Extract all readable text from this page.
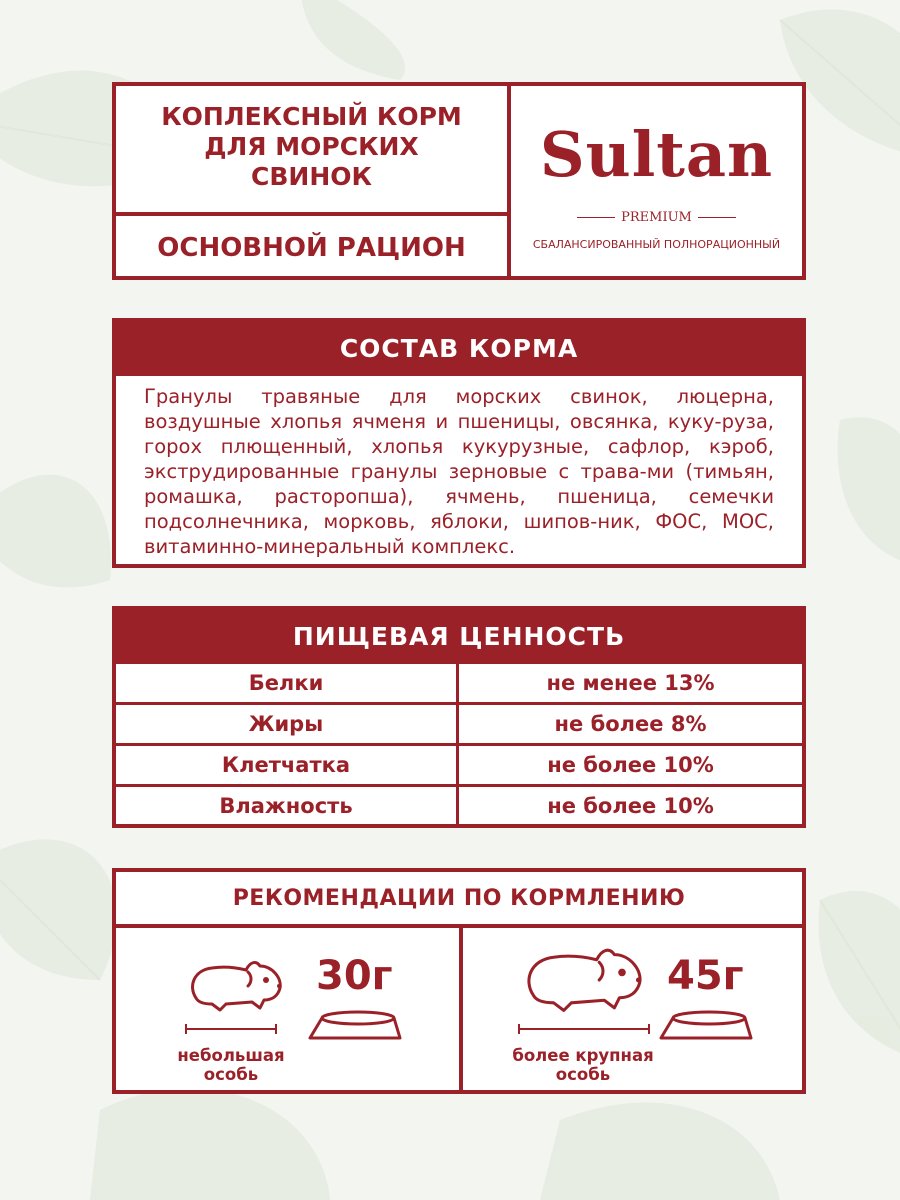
КОПЛЕКСНЫЙ КОРМ
ДЛЯ МОРСКИХ
СВИНОК
ОСНОВНОЙ РАЦИОН
Sultan
PREMIUM
СБАЛАНСИРОВАННЫЙ ПОЛНОРАЦИОННЫЙ
СОСТАВ КОРМА
Гранулы травяные для морских свинок, люцерна, воздушные хлопья ячменя и пшеницы, овсянка, куку-руза, горох плющенный, хлопья кукурузные, сафлор, кэроб, экструдированные гранулы зерновые с трава-ми (тимьян, ромашка, расторопша), ячмень, пшеница, семечки подсолнечника, морковь, яблоки, шипов-ник, ФОС, МОС, витаминно-минеральный комплекс.
ПИЩЕВАЯ ЦЕННОСТЬ
Белки	не менее 13%
Жиры	не более 8%
Клетчатка	не более 10%
Влажность	не более 10%
РЕКОМЕНДАЦИИ ПО КОРМЛЕНИЮ
30г
небольшая
особь
45г
более крупная
особь
